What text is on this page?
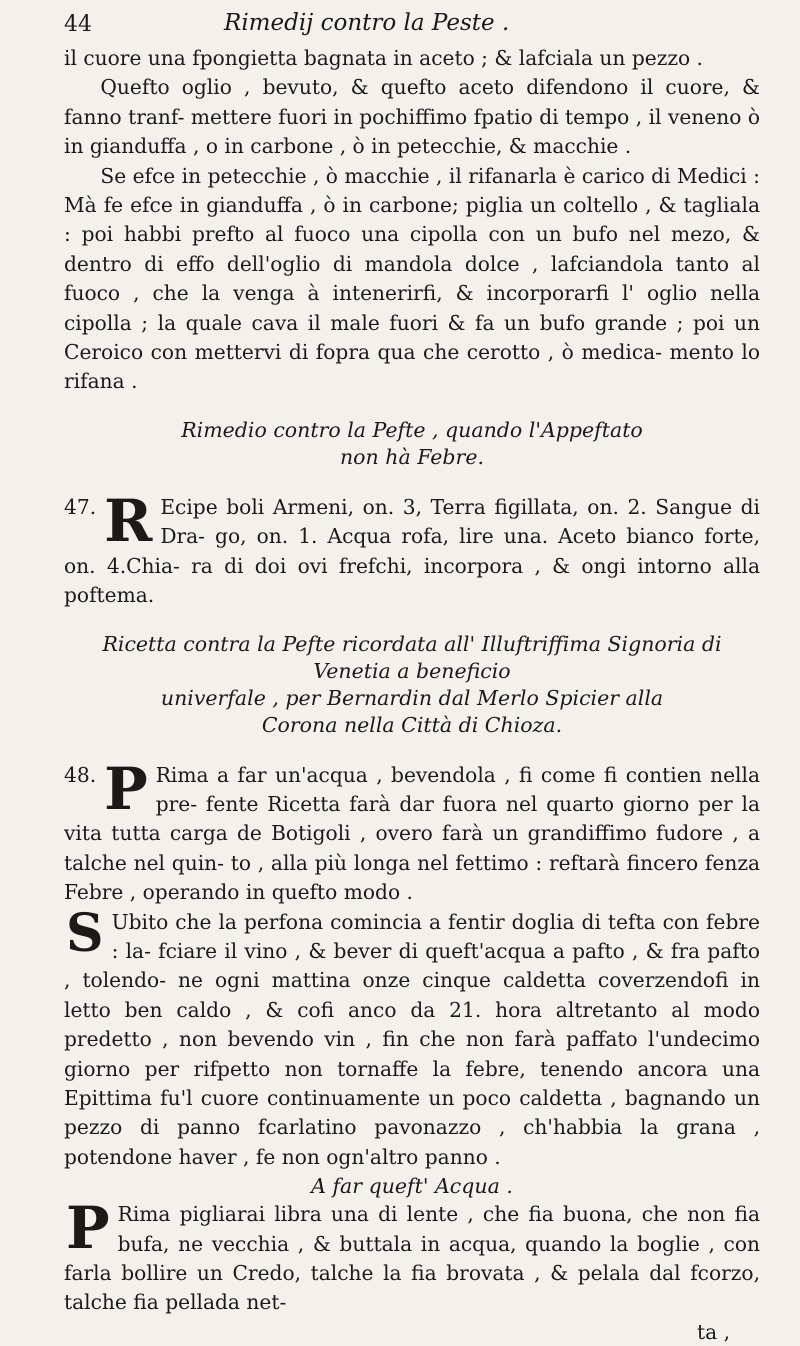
44	Rimedij contro la Peste .

il cuore una fpongietta bagnata in aceto ; & lafciala un pezzo .

Quefto oglio , bevuto, & quefto aceto difendono il cuore, & fanno tranf- mettere fuori in pochiffimo fpatio di tempo , il veneno ò in gianduffa , o in carbone , ò in petecchie, & macchie .

Se efce in petecchie , ò macchie , il rifanarla è carico di Medici : Mà fe efce in gianduffa , ò in carbone; piglia un coltello , & tagliala : poi habbi prefto al fuoco una cipolla con un bufo nel mezo, & dentro di effo dell'oglio di mandola dolce , lafciandola tanto al fuoco , che la venga à intenerirfi, & incorporarfi l' oglio nella cipolla ; la quale cava il male fuori & fa un bufo grande ; poi un Ceroico con mettervi di fopra qua che cerotto , ò medica- mento lo rifana .

Rimedio contro la Pefte , quando l'Appeftato

non hà Febre.

47. R Ecipe boli Armeni, on. 3, Terra figillata, on. 2. Sangue di Dra- go, on. 1. Acqua rofa, lire una. Aceto bianco forte, on. 4.Chia- ra di doi ovi frefchi, incorpora , & ongi intorno alla poftema.

Ricetta contra la Pefte ricordata all' Illuftriffima Signoria di Venetia a beneficio

univerfale , per Bernardin dal Merlo Spicier alla

Corona nella Città di Chioza.

48. P Rima a far un'acqua , bevendola , fi come fi contien nella pre- fente Ricetta farà dar fuora nel quarto giorno per la vita tutta carga de Botigoli , overo farà un grandiffimo fudore , a talche nel quin- to , alla più longa nel fettimo : reftarà fincero fenza Febre , operando in quefto modo .

S Ubito che la perfona comincia a fentir doglia di tefta con febre : la- fciare il vino , & bever di queft'acqua a pafto , & fra pafto , tolendo- ne ogni mattina onze cinque caldetta coverzendofi in letto ben caldo , & cofi anco da 21. hora altretanto al modo predetto , non bevendo vin , fin che non farà paffato l'undecimo giorno per rifpetto non tornaffe la febre, tenendo ancora una Epittima fu'l cuore continuamente un poco caldetta , bagnando un pezzo di panno fcarlatino pavonazzo , ch'habbia la grana , potendone haver , fe non ogn'altro panno .

A far queft' Acqua .

P Rima pigliarai libra una di lente , che fia buona, che non fia bufa, ne vecchia , & buttala in acqua, quando la boglie , con farla bollire un Credo, talche la fia brovata , & pelala dal fcorzo, talche fia pellada net-

ta ,
